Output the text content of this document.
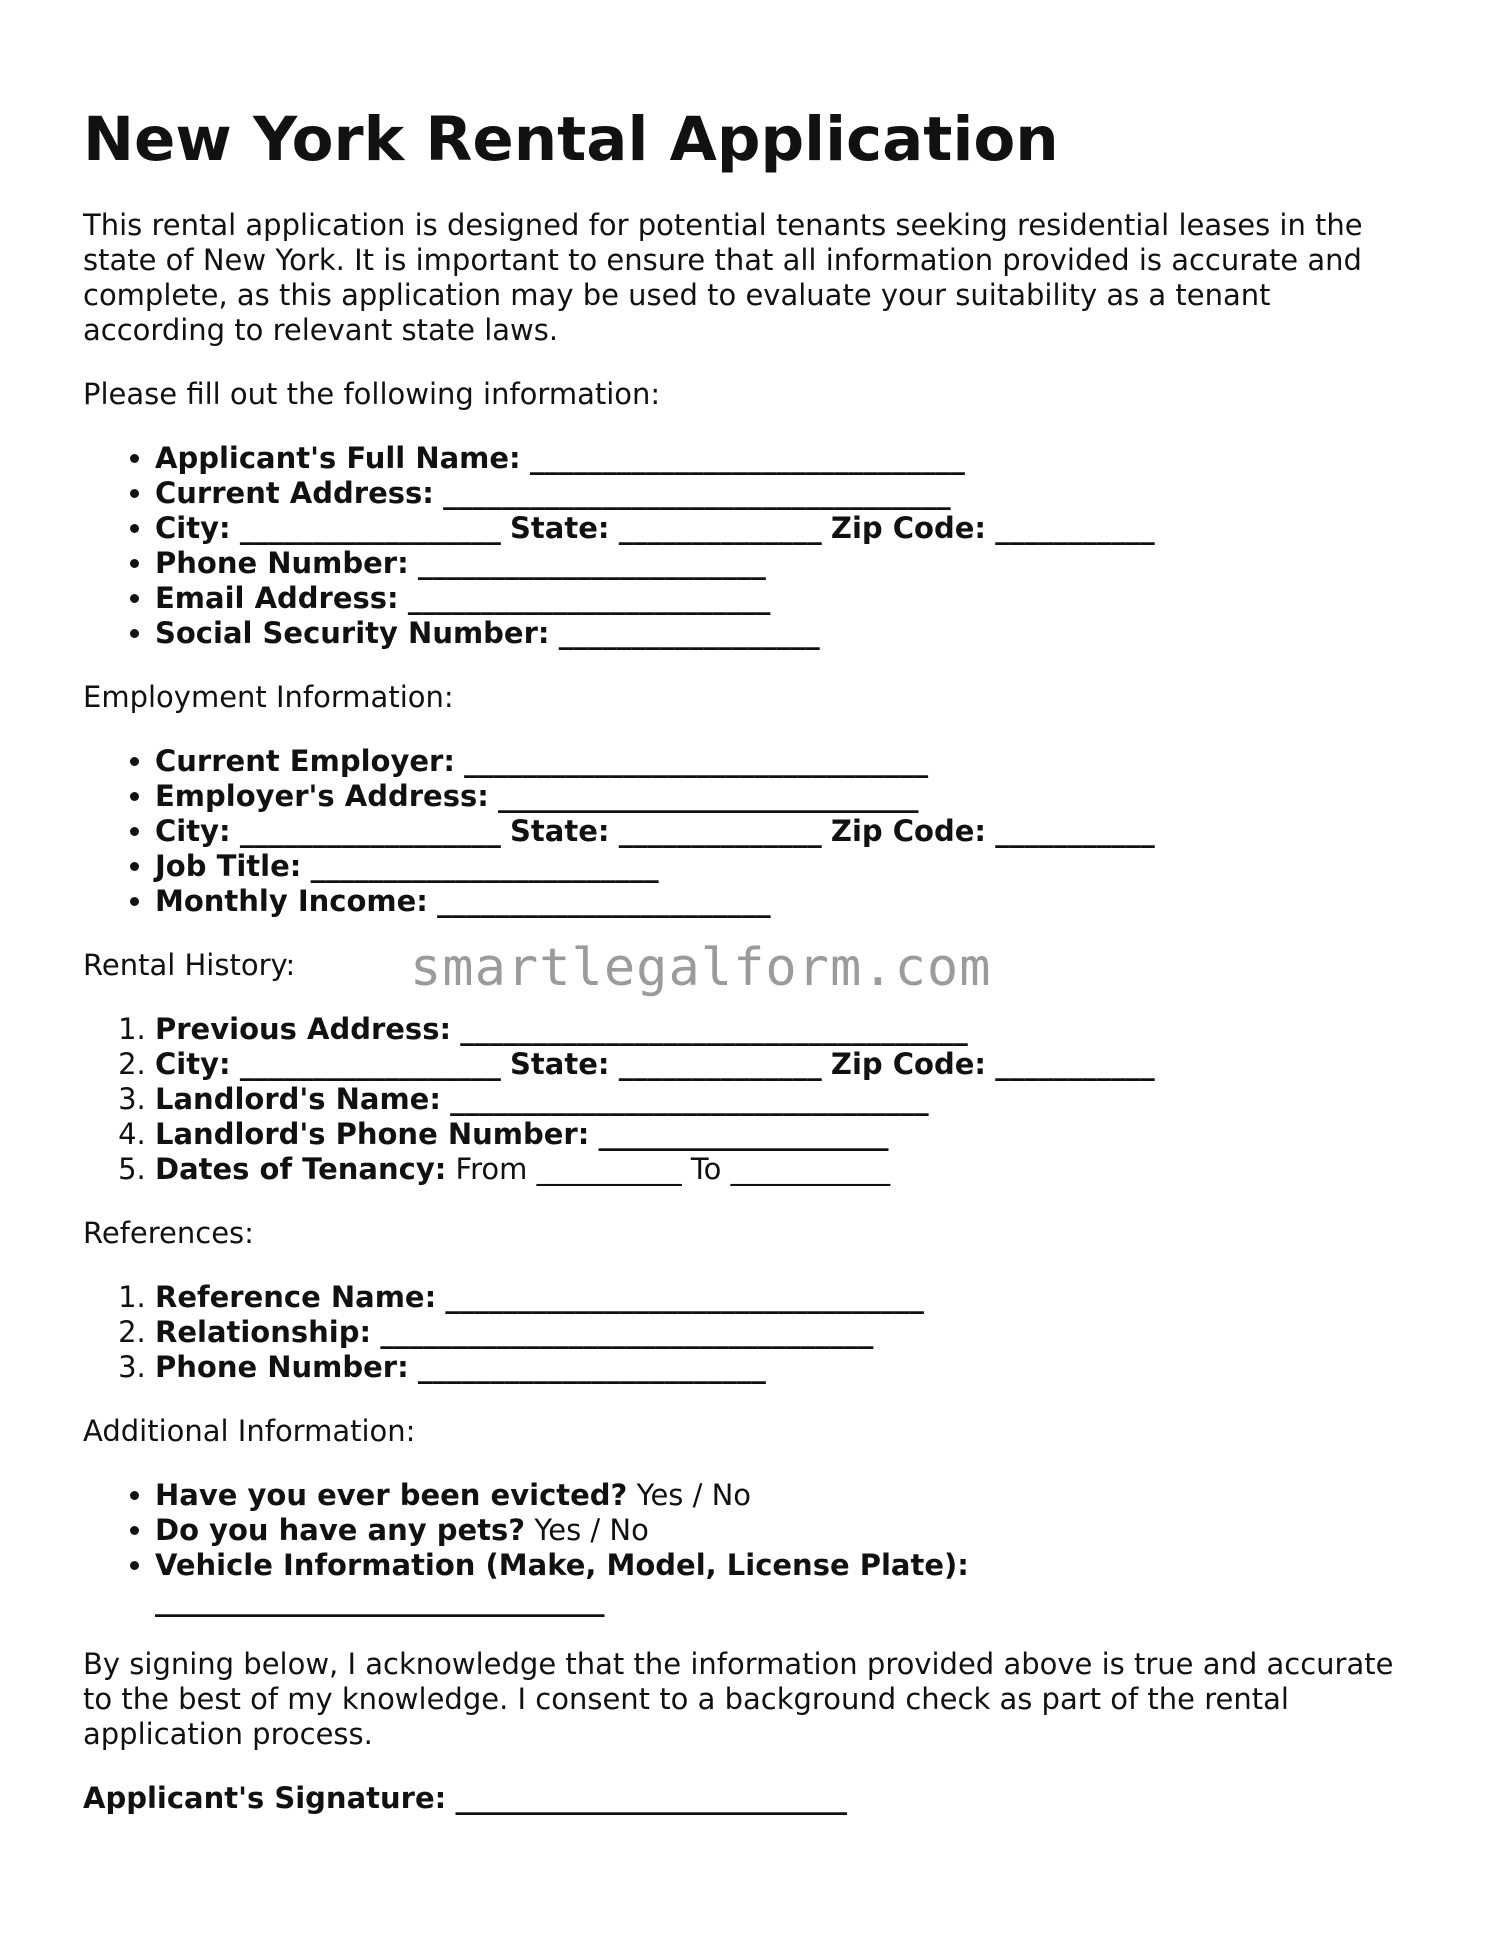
New York Rental Application

This rental application is designed for potential tenants seeking residential leases in the state of New York. It is important to ensure that all information provided is accurate and complete, as this application may be used to evaluate your suitability as a tenant according to relevant state laws.

Please fill out the following information:

• Applicant's Full Name: ______________________________
• Current Address: ___________________________________
• City: __________________ State: ______________ Zip Code: ___________
• Phone Number: ________________________
• Email Address: _________________________
• Social Security Number: __________________

Employment Information:

• Current Employer: ________________________________
• Employer's Address: _____________________________
• City: __________________ State: ______________ Zip Code: ___________
• Job Title: ________________________
• Monthly Income: _______________________

Rental History:

1. Previous Address: ___________________________________
2. City: __________________ State: ______________ Zip Code: ___________
3. Landlord's Name: _________________________________
4. Landlord's Phone Number: ____________________
5. Dates of Tenancy: From __________ To ___________

References:

1. Reference Name: _________________________________
2. Relationship: __________________________________
3. Phone Number: ________________________

Additional Information:

• Have you ever been evicted? Yes / No
• Do you have any pets? Yes / No
• Vehicle Information (Make, Model, License Plate):
_______________________________

By signing below, I acknowledge that the information provided above is true and accurate to the best of my knowledge. I consent to a background check as part of the rental application process.

Applicant's Signature: ___________________________

smartlegalform.com
